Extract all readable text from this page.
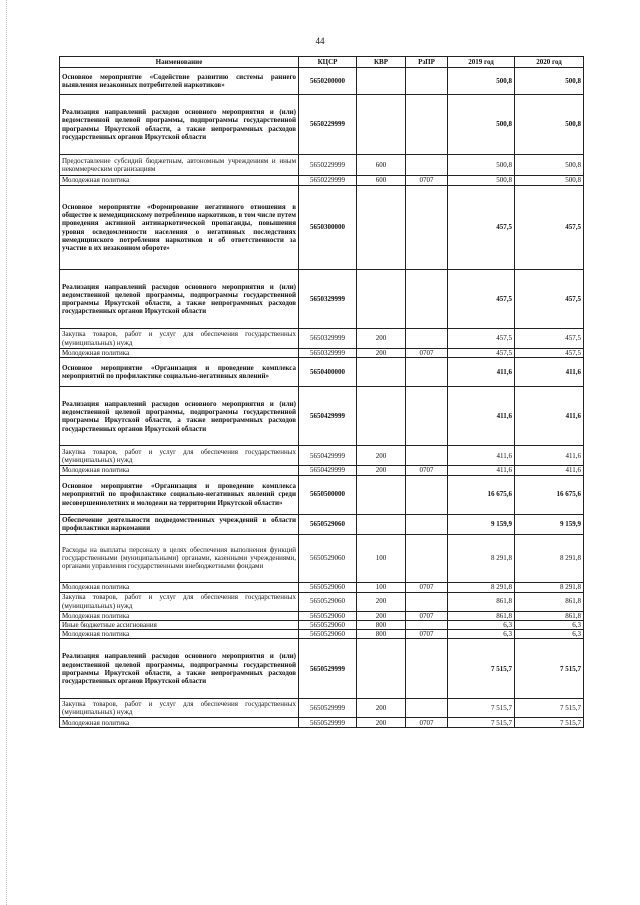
44
Наименование	КЦСР	КВР	РзПР	2019 год	2020 год
Основное мероприятие «Содействие развитию системы раннего выявления незаконных потребителей наркотиков»	5650200000			500,8	500,8
Реализация направлений расходов основного мероприятия и (или) ведомственной целевой программы, подпрограммы государственной программы Иркутской области, а также непрограммных расходов государственных органов Иркутской области	5650229999			500,8	500,8
Предоставление субсидий бюджетным, автономным учреждениям и иным некоммерческим организациям	5650229999	600		500,8	500,8
Молодежная политика	5650229999	600	0707	500,8	500,8
Основное мероприятие «Формирование негативного отношения в обществе к немедицинскому потреблению наркотиков, в том числе путем проведения активной антинаркотической пропаганды, повышения уровня осведомленности населения о негативных последствиях немедицинского потребления наркотиков и об ответственности за участие в их незаконном обороте»	5650300000			457,5	457,5
Реализация направлений расходов основного мероприятия и (или) ведомственной целевой программы, подпрограммы государственной программы Иркутской области, а также непрограммных расходов государственных органов Иркутской области	5650329999			457,5	457,5
Закупка товаров, работ и услуг для обеспечения государственных (муниципальных) нужд	5650329999	200		457,5	457,5
Молодежная политика	5650329999	200	0707	457,5	457,5
Основное мероприятие «Организация и проведение комплекса мероприятий по профилактике социально-негативных явлений»	5650400000			411,6	411,6
Реализация направлений расходов основного мероприятия и (или) ведомственной целевой программы, подпрограммы государственной программы Иркутской области, а также непрограммных расходов государственных органов Иркутской области	5650429999			411,6	411,6
Закупка товаров, работ и услуг для обеспечения государственных (муниципальных) нужд	5650429999	200		411,6	411,6
Молодежная политика	5650429999	200	0707	411,6	411,6
Основное мероприятие «Организация и проведение комплекса мероприятий по профилактике социально-негативных явлений среди несовершеннолетних и молодежи на территории Иркутской области»	5650500000			16 675,6	16 675,6
Обеспечение деятельности подведомственных учреждений в области профилактики наркомании	5650529060			9 159,9	9 159,9
Расходы на выплаты персоналу в целях обеспечения выполнения функций государственными (муниципальными) органами, казенными учреждениями, органами управления государственными внебюджетными фондами	5650529060	100		8 291,8	8 291,8
Молодежная политика	5650529060	100	0707	8 291,8	8 291,8
Закупка товаров, работ и услуг для обеспечения государственных (муниципальных) нужд	5650529060	200		861,8	861,8
Молодежная политика	5650529060	200	0707	861,8	861,8
Иные бюджетные ассигнования	5650529060	800		6,3	6,3
Молодежная политика	5650529060	800	0707	6,3	6,3
Реализация направлений расходов основного мероприятия и (или) ведомственной целевой программы, подпрограммы государственной программы Иркутской области, а также непрограммных расходов государственных органов Иркутской области	5650529999			7 515,7	7 515,7
Закупка товаров, работ и услуг для обеспечения государственных (муниципальных) нужд	5650529999	200		7 515,7	7 515,7
Молодежная политика	5650529999	200	0707	7 515,7	7 515,7
